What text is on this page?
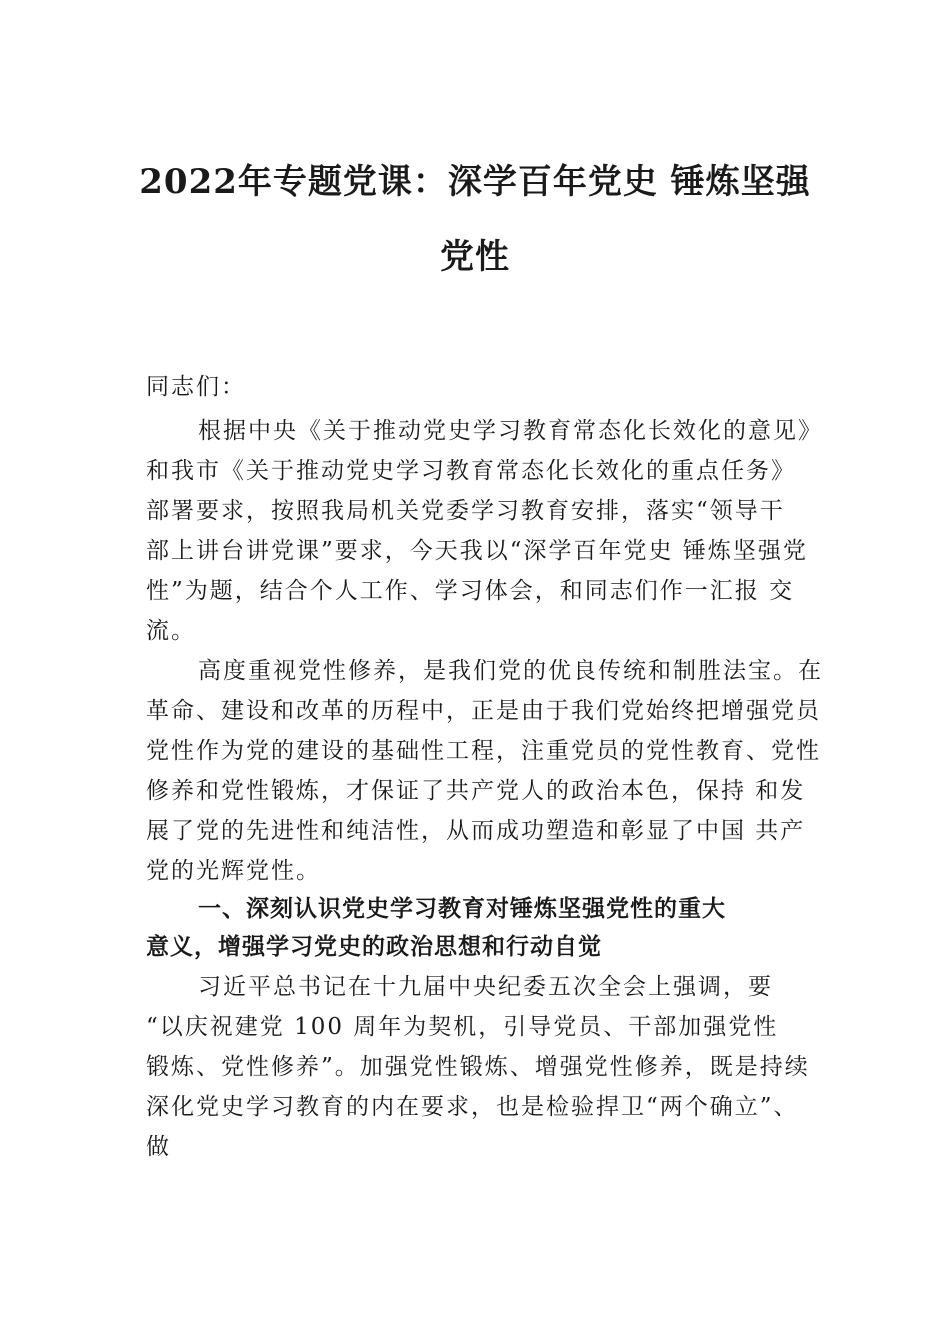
2022年专题党课：深学百年党史 锤炼坚强
党性
同志们：
根据中央《关于推动党史学习教育常态化长效化的意见》
和我市《关于推动党史学习教育常态化长效化的重点任务》
部署要求，按照我局机关党委学习教育安排，落实“领导干
部上讲台讲党课”要求，今天我以“深学百年党史 锤炼坚强党
性”为题，结合个人工作、学习体会，和同志们作一汇报 交
流。
高度重视党性修养，是我们党的优良传统和制胜法宝。在
革命、建设和改革的历程中，正是由于我们党始终把增强党员
党性作为党的建设的基础性工程，注重党员的党性教育、党性
修养和党性锻炼，才保证了共产党人的政治本色，保持 和发
展了党的先进性和纯洁性，从而成功塑造和彰显了中国 共产
党的光辉党性。
一、深刻认识党史学习教育对锤炼坚强党性的重大
意义，增强学习党史的政治思想和行动自觉
习近平总书记在十九届中央纪委五次全会上强调，要
“以庆祝建党 100 周年为契机，引导党员、干部加强党性
锻炼、党性修养”。加强党性锻炼、增强党性修养，既是持续
深化党史学习教育的内在要求，也是检验捍卫“两个确立”、
做
